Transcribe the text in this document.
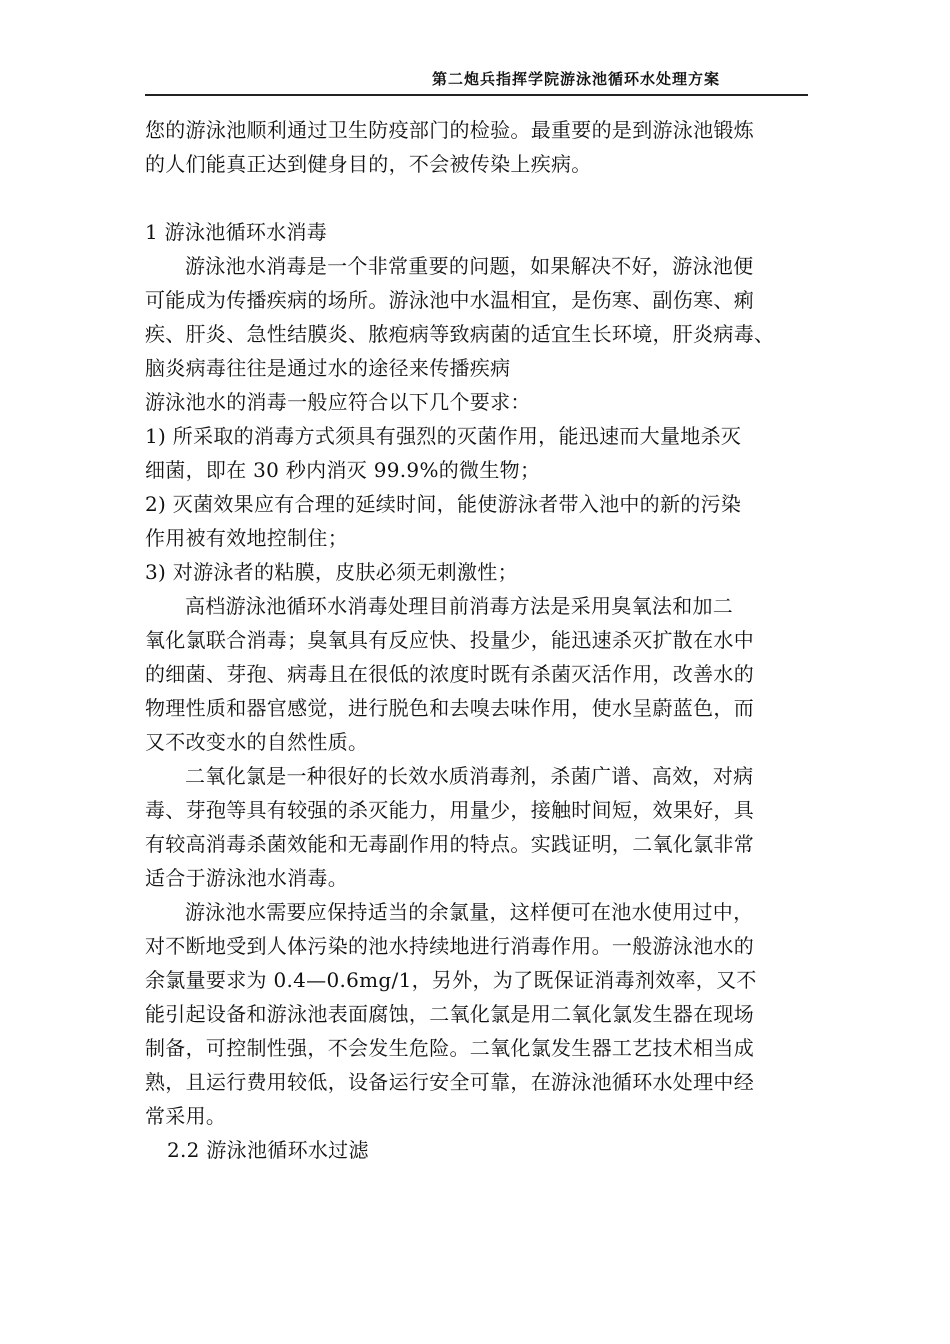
第二炮兵指挥学院游泳池循环水处理方案
您的游泳池顺利通过卫生防疫部门的检验。最重要的是到游泳池锻炼
的人们能真正达到健身目的，不会被传染上疾病。
1 游泳池循环水消毒
游泳池水消毒是一个非常重要的问题，如果解决不好，游泳池便
可能成为传播疾病的场所。游泳池中水温相宜，是伤寒、副伤寒、痢
疾、肝炎、急性结膜炎、脓疱病等致病菌的适宜生长环境，肝炎病毒、
脑炎病毒往往是通过水的途径来传播疾病
游泳池水的消毒一般应符合以下几个要求：
1) 所采取的消毒方式须具有强烈的灭菌作用，能迅速而大量地杀灭
细菌，即在 30 秒内消灭 99.9%的微生物；
2) 灭菌效果应有合理的延续时间，能使游泳者带入池中的新的污染
作用被有效地控制住；
3) 对游泳者的粘膜，皮肤必须无刺激性；
高档游泳池循环水消毒处理目前消毒方法是采用臭氧法和加二
氧化氯联合消毒；臭氧具有反应快、投量少，能迅速杀灭扩散在水中
的细菌、芽孢、病毒且在很低的浓度时既有杀菌灭活作用，改善水的
物理性质和器官感觉，进行脱色和去嗅去味作用，使水呈蔚蓝色，而
又不改变水的自然性质。
二氧化氯是一种很好的长效水质消毒剂，杀菌广谱、高效，对病
毒、芽孢等具有较强的杀灭能力，用量少，接触时间短，效果好，具
有较高消毒杀菌效能和无毒副作用的特点。实践证明，二氧化氯非常
适合于游泳池水消毒。
游泳池水需要应保持适当的余氯量，这样便可在池水使用过中，
对不断地受到人体污染的池水持续地进行消毒作用。一般游泳池水的
余氯量要求为 0.4—0.6mg/1，另外，为了既保证消毒剂效率，又不
能引起设备和游泳池表面腐蚀，二氧化氯是用二氧化氯发生器在现场
制备，可控制性强，不会发生危险。二氧化氯发生器工艺技术相当成
熟，且运行费用较低，设备运行安全可靠，在游泳池循环水处理中经
常采用。
2.2 游泳池循环水过滤
